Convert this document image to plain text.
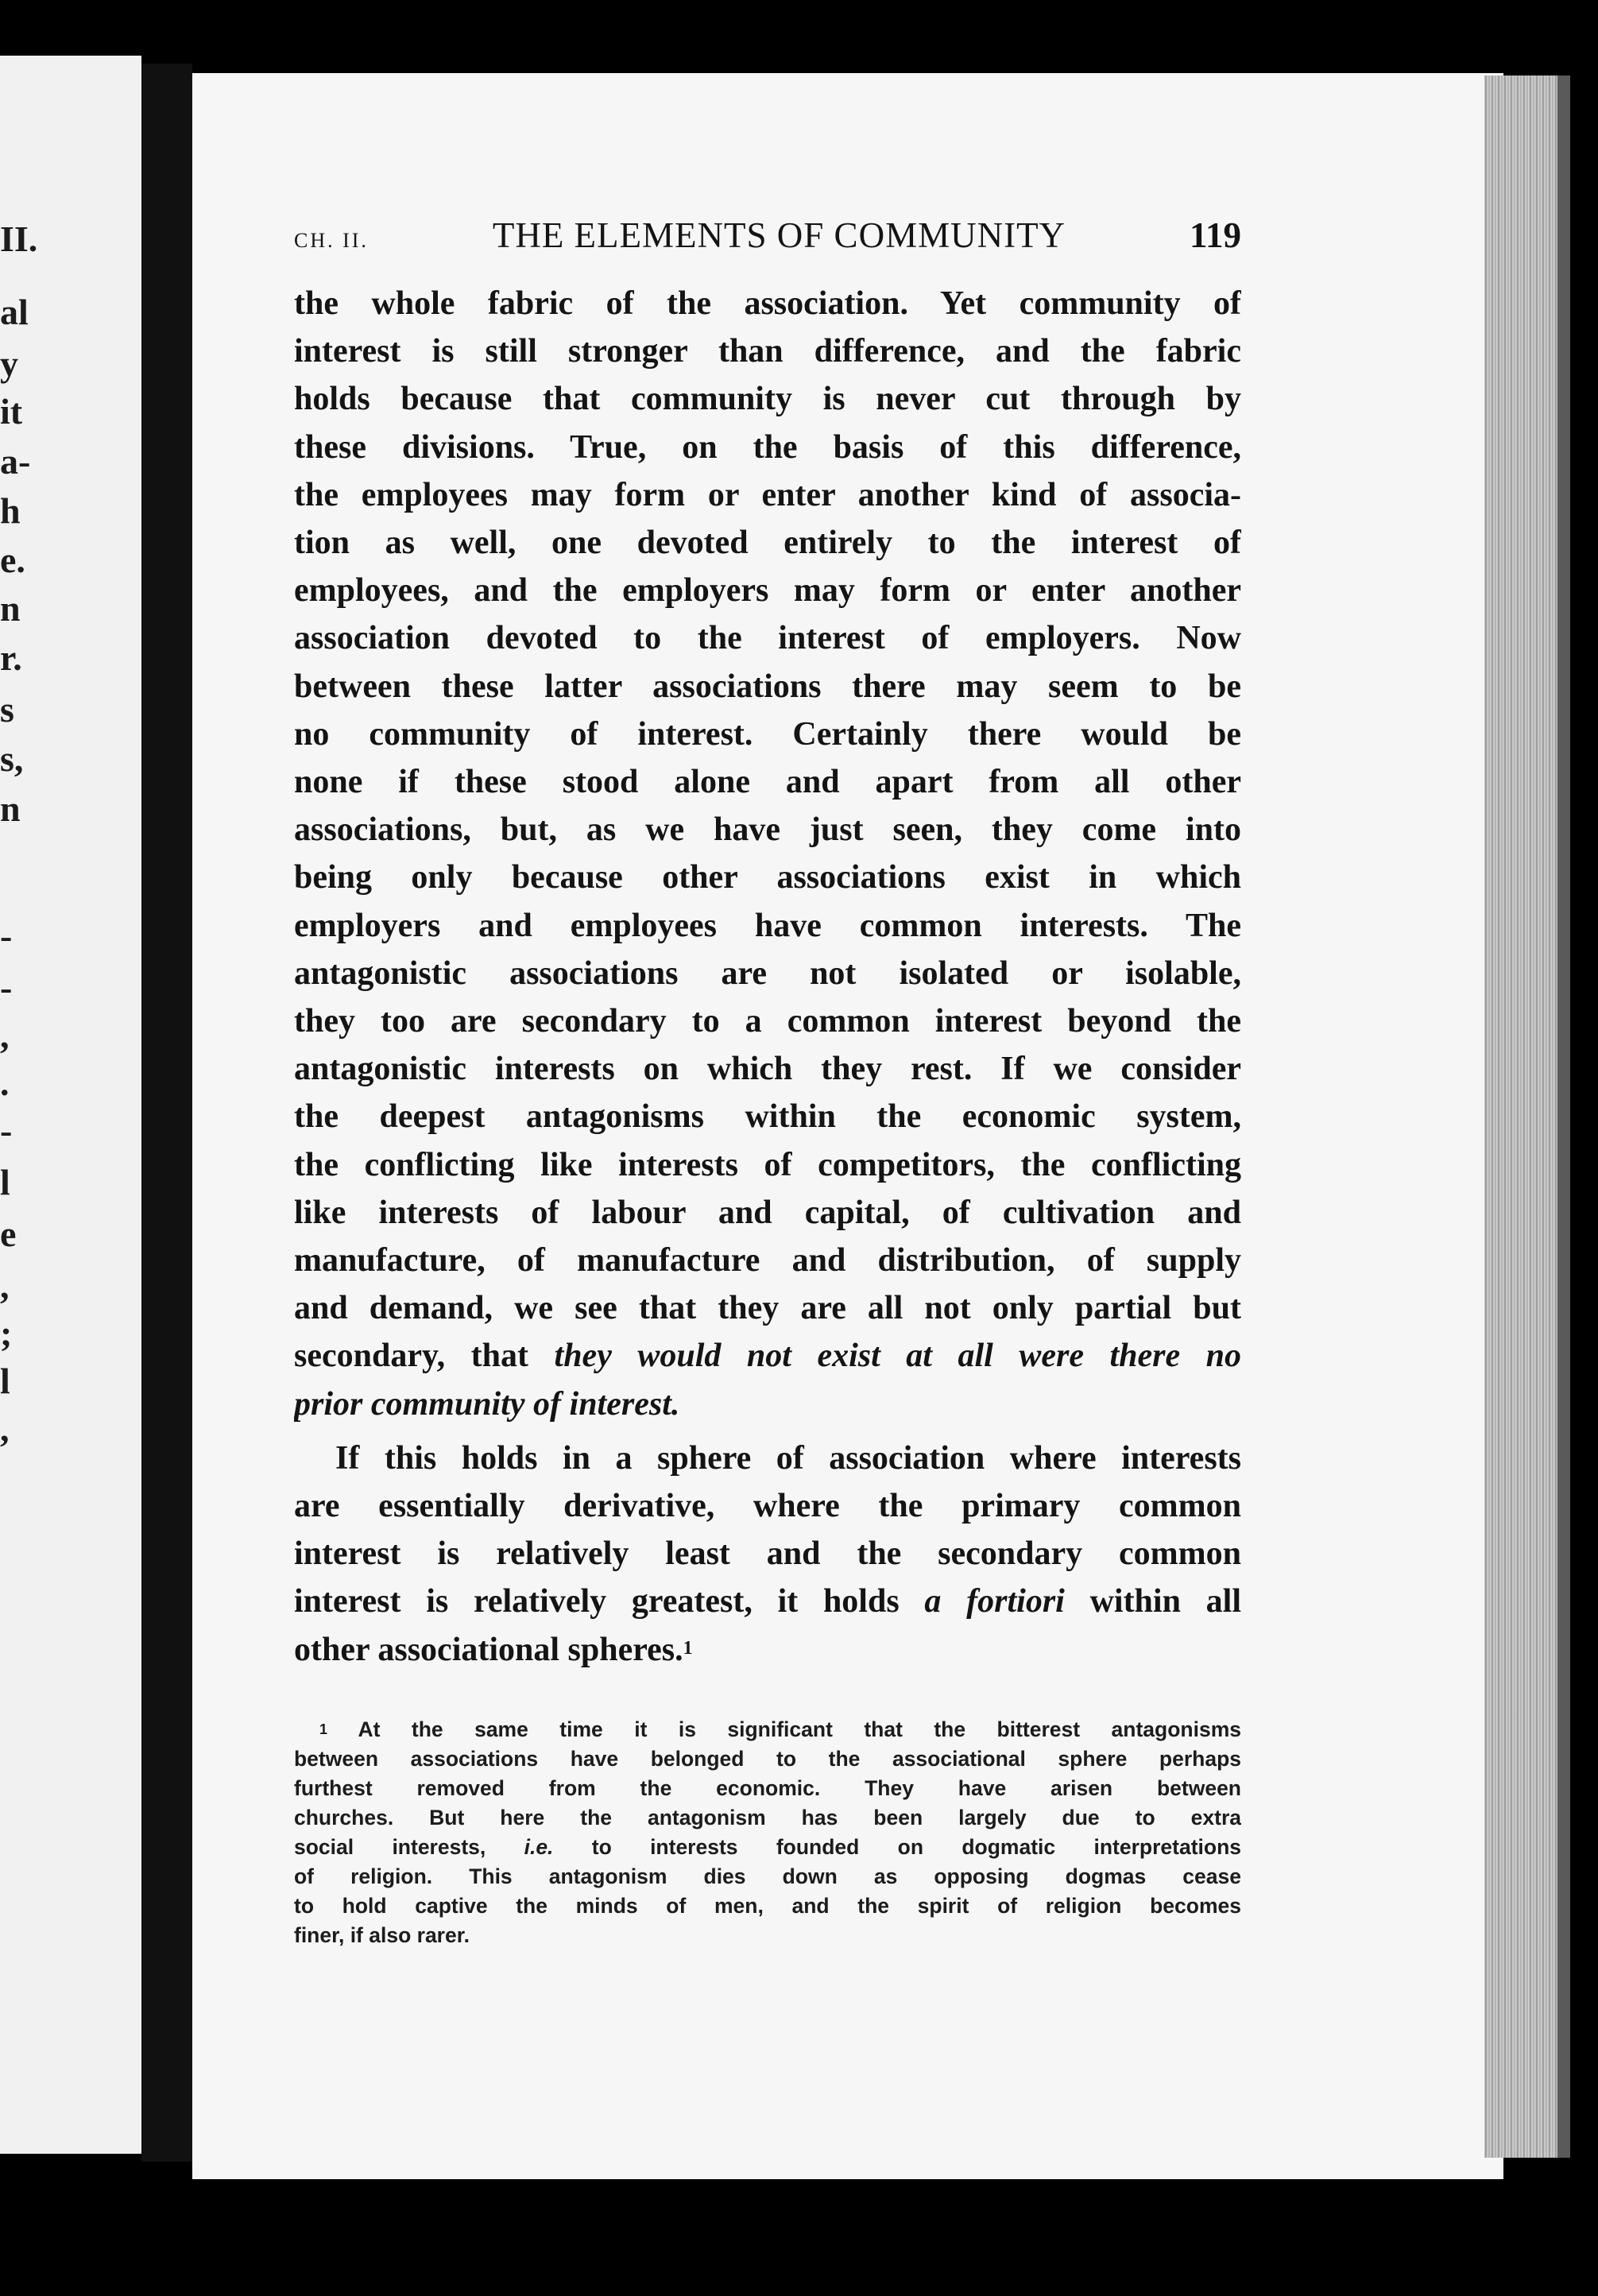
II.
al
y
it
a-
h
e.
n
r.
s
s,
n
-
-
,
.
-
l
e
,
;
l
,
CH. II.	THE ELEMENTS OF COMMUNITY	119
the whole fabric of the association. Yet community of
interest is still stronger than difference, and the fabric
holds because that community is never cut through by
these divisions. True, on the basis of this difference,
the employees may form or enter another kind of associa-
tion as well, one devoted entirely to the interest of
employees, and the employers may form or enter another
association devoted to the interest of employers. Now
between these latter associations there may seem to be
no community of interest. Certainly there would be
none if these stood alone and apart from all other
associations, but, as we have just seen, they come into
being only because other associations exist in which
employers and employees have common interests. The
antagonistic associations are not isolated or isolable,
they too are secondary to a common interest beyond the
antagonistic interests on which they rest. If we consider
the deepest antagonisms within the economic system,
the conflicting like interests of competitors, the conflicting
like interests of labour and capital, of cultivation and
manufacture, of manufacture and distribution, of supply
and demand, we see that they are all not only partial but
secondary, that they would not exist at all were there no
prior community of interest.
If this holds in a sphere of association where interests
are essentially derivative, where the primary common
interest is relatively least and the secondary common
interest is relatively greatest, it holds a fortiori within all
other associational spheres.$^1$
$^1$ At the same time it is significant that the bitterest antagonisms
between associations have belonged to the associational sphere perhaps
furthest removed from the economic. They have arisen between
churches. But here the antagonism has been largely due to extra
social interests, i.e. to interests founded on dogmatic interpretations
of religion. This antagonism dies down as opposing dogmas cease
to hold captive the minds of men, and the spirit of religion becomes
finer, if also rarer.
